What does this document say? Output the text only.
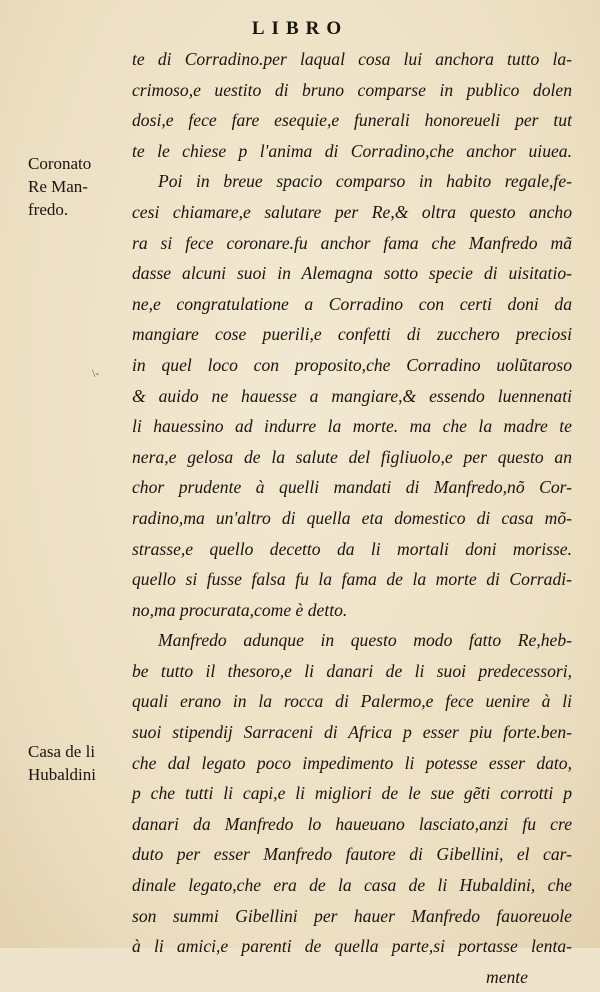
LIBRO
Coronato
Re Man-
fredo.
\-
Casa de li
Hubaldini
te di Corradino.per laqual cosa lui anchora tutto la-
crimoso,e uestito di bruno comparse in publico dolen
dosi,e fece fare esequie,e funerali honoreueli per tut
te le chiese p l'anima di Corradino,che anchor uiuea.
Poi in breue spacio comparso in habito regale,fe-
cesi chiamare,e salutare per Re,& oltra questo ancho
ra si fece coronare.fu anchor fama che Manfredo mã
dasse alcuni suoi in Alemagna sotto specie di uisitatio-
ne,e congratulatione a Corradino con certi doni da
mangiare cose puerili,e confetti di zucchero preciosi
in quel loco con proposito,che Corradino uolũtaroso
& auido ne hauesse a mangiare,& essendo luennenati
li hauessino ad indurre la morte. ma che la madre te
nera,e gelosa de la salute del figliuolo,e per questo an
chor prudente à quelli mandati di Manfredo,nõ Cor-
radino,ma un'altro di quella eta domestico di casa mõ-
strasse,e quello decetto da li mortali doni morisse.
quello si fusse falsa fu la fama de la morte di Corradi-
no,ma procurata,come è detto.
Manfredo adunque in questo modo fatto Re,heb-
be tutto il thesoro,e li danari de li suoi predecessori,
quali erano in la rocca di Palermo,e fece uenire à li
suoi stipendij Sarraceni di Africa p esser piu forte.ben-
che dal legato poco impedimento li potesse esser dato,
p che tutti li capi,e li migliori de le sue gẽti corrotti p
danari da Manfredo lo haueuano lasciato,anzi fu cre
duto per esser Manfredo fautore di Gibellini, el car-
dinale legato,che era de la casa de li Hubaldini, che
son summi Gibellini per hauer Manfredo fauoreuole
à li amici,e parenti de quella parte,si portasse lenta-
mente
